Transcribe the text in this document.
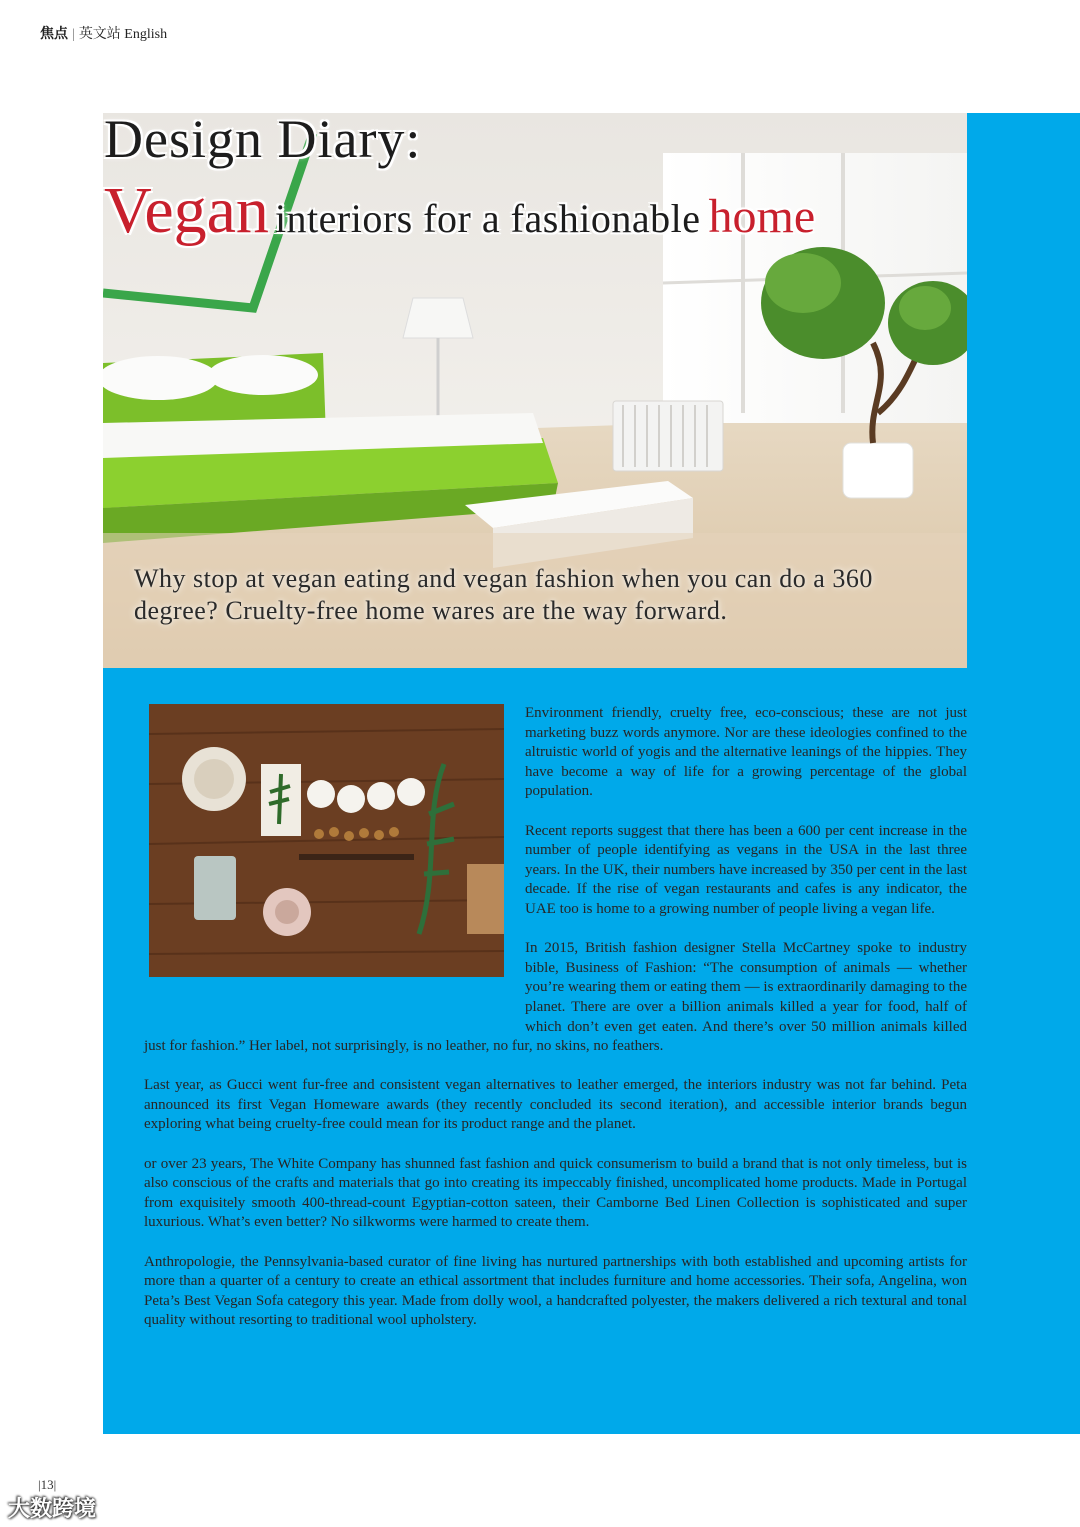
焦点 | 英文站 English
Design Diary:
Vegan interiors for a fashionable home
Why stop at vegan eating and vegan fashion when you can do a 360 degree? Cruelty-free home wares are the way forward.

Environment friendly, cruelty free, eco-conscious; these are not just marketing buzz words anymore. Nor are these ideologies confined to the altruistic world of yogis and the alternative leanings of the hippies. They have become a way of life for a growing percentage of the global population.

Recent reports suggest that there has been a 600 per cent increase in the number of people identifying as vegans in the USA in the last three years. In the UK, their numbers have increased by 350 per cent in the last decade. If the rise of vegan restaurants and cafes is any indicator, the UAE too is home to a growing number of people living a vegan life.

In 2015, British fashion designer Stella McCartney spoke to industry bible, Business of Fashion: “The consumption of animals — whether you’re wearing them or eating them — is extraordinarily damaging to the planet. There are over a billion animals killed a year for food, half of which don’t even get eaten. And there’s over 50 million animals killed just for fashion.” Her label, not surprisingly, is no leather, no fur, no skins, no feathers.

Last year, as Gucci went fur-free and consistent vegan alternatives to leather emerged, the interiors industry was not far behind. Peta announced its first Vegan Homeware awards (they recently concluded its second iteration), and accessible interior brands begun exploring what being cruelty-free could mean for its product range and the planet.

or over 23 years, The White Company has shunned fast fashion and quick consumerism to build a brand that is not only timeless, but is also conscious of the crafts and materials that go into creating its impeccably finished, uncomplicated home products. Made in Portugal from exquisitely smooth 400-thread-count Egyptian-cotton sateen, their Camborne Bed Linen Collection is sophisticated and super luxurious. What’s even better? No silkworms were harmed to create them.

Anthropologie, the Pennsylvania-based curator of fine living has nurtured partnerships with both established and upcoming artists for more than a quarter of a century to create an ethical assortment that includes furniture and home accessories. Their sofa, Angelina, won Peta’s Best Vegan Sofa category this year. Made from dolly wool, a handcrafted polyester, the makers delivered a rich textural and tonal quality without resorting to traditional wool upholstery.

|13|
大数跨境
